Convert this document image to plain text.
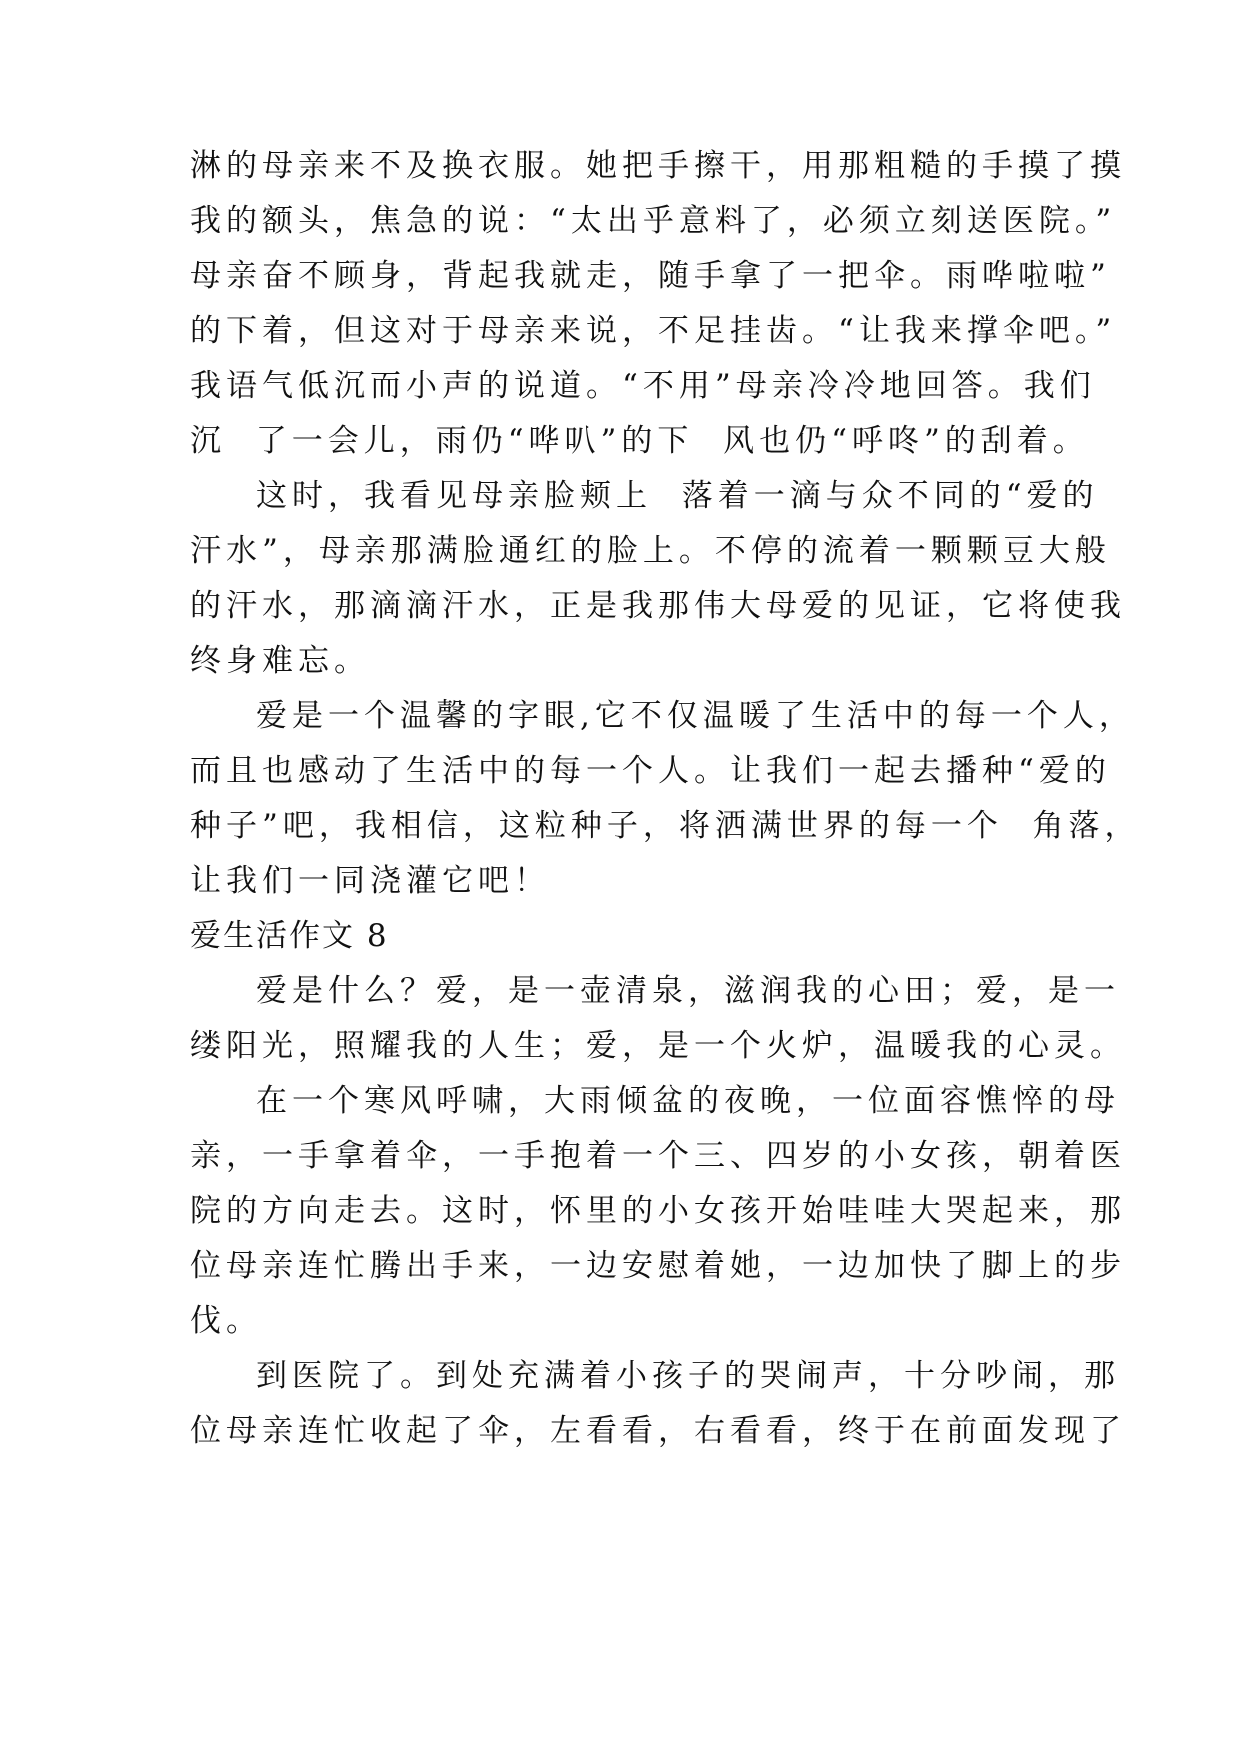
淋的母亲来不及换衣服。她把手擦干，用那粗糙的手摸了摸
我的额头，焦急的说：“太出乎意料了，必须立刻送医院。”
母亲奋不顾身，背起我就走，随手拿了一把伞。雨哗啦啦”
的下着，但这对于母亲来说，不足挂齿。“让我来撑伞吧。”
我语气低沉而小声的说道。“不用”母亲冷冷地回答。我们
沉  了一会儿，雨仍“哗叭”的下  风也仍“呼咚”的刮着。
这时，我看见母亲脸颊上  落着一滴与众不同的“爱的
汗水”，母亲那满脸通红的脸上。不停的流着一颗颗豆大般
的汗水，那滴滴汗水，正是我那伟大母爱的见证，它将使我
终身难忘。
爱是一个温馨的字眼,它不仅温暖了生活中的每一个人，
而且也感动了生活中的每一个人。让我们一起去播种“爱的
种子”吧，我相信，这粒种子，将洒满世界的每一个  角落，
让我们一同浇灌它吧！
爱生活作文 8
爱是什么？爱，是一壶清泉，滋润我的心田；爱，是一
缕阳光，照耀我的人生；爱，是一个火炉，温暖我的心灵。
在一个寒风呼啸，大雨倾盆的夜晚，一位面容憔悴的母
亲，一手拿着伞，一手抱着一个三、四岁的小女孩，朝着医
院的方向走去。这时，怀里的小女孩开始哇哇大哭起来，那
位母亲连忙腾出手来，一边安慰着她，一边加快了脚上的步
伐。
到医院了。到处充满着小孩子的哭闹声，十分吵闹，那
位母亲连忙收起了伞，左看看，右看看，终于在前面发现了
